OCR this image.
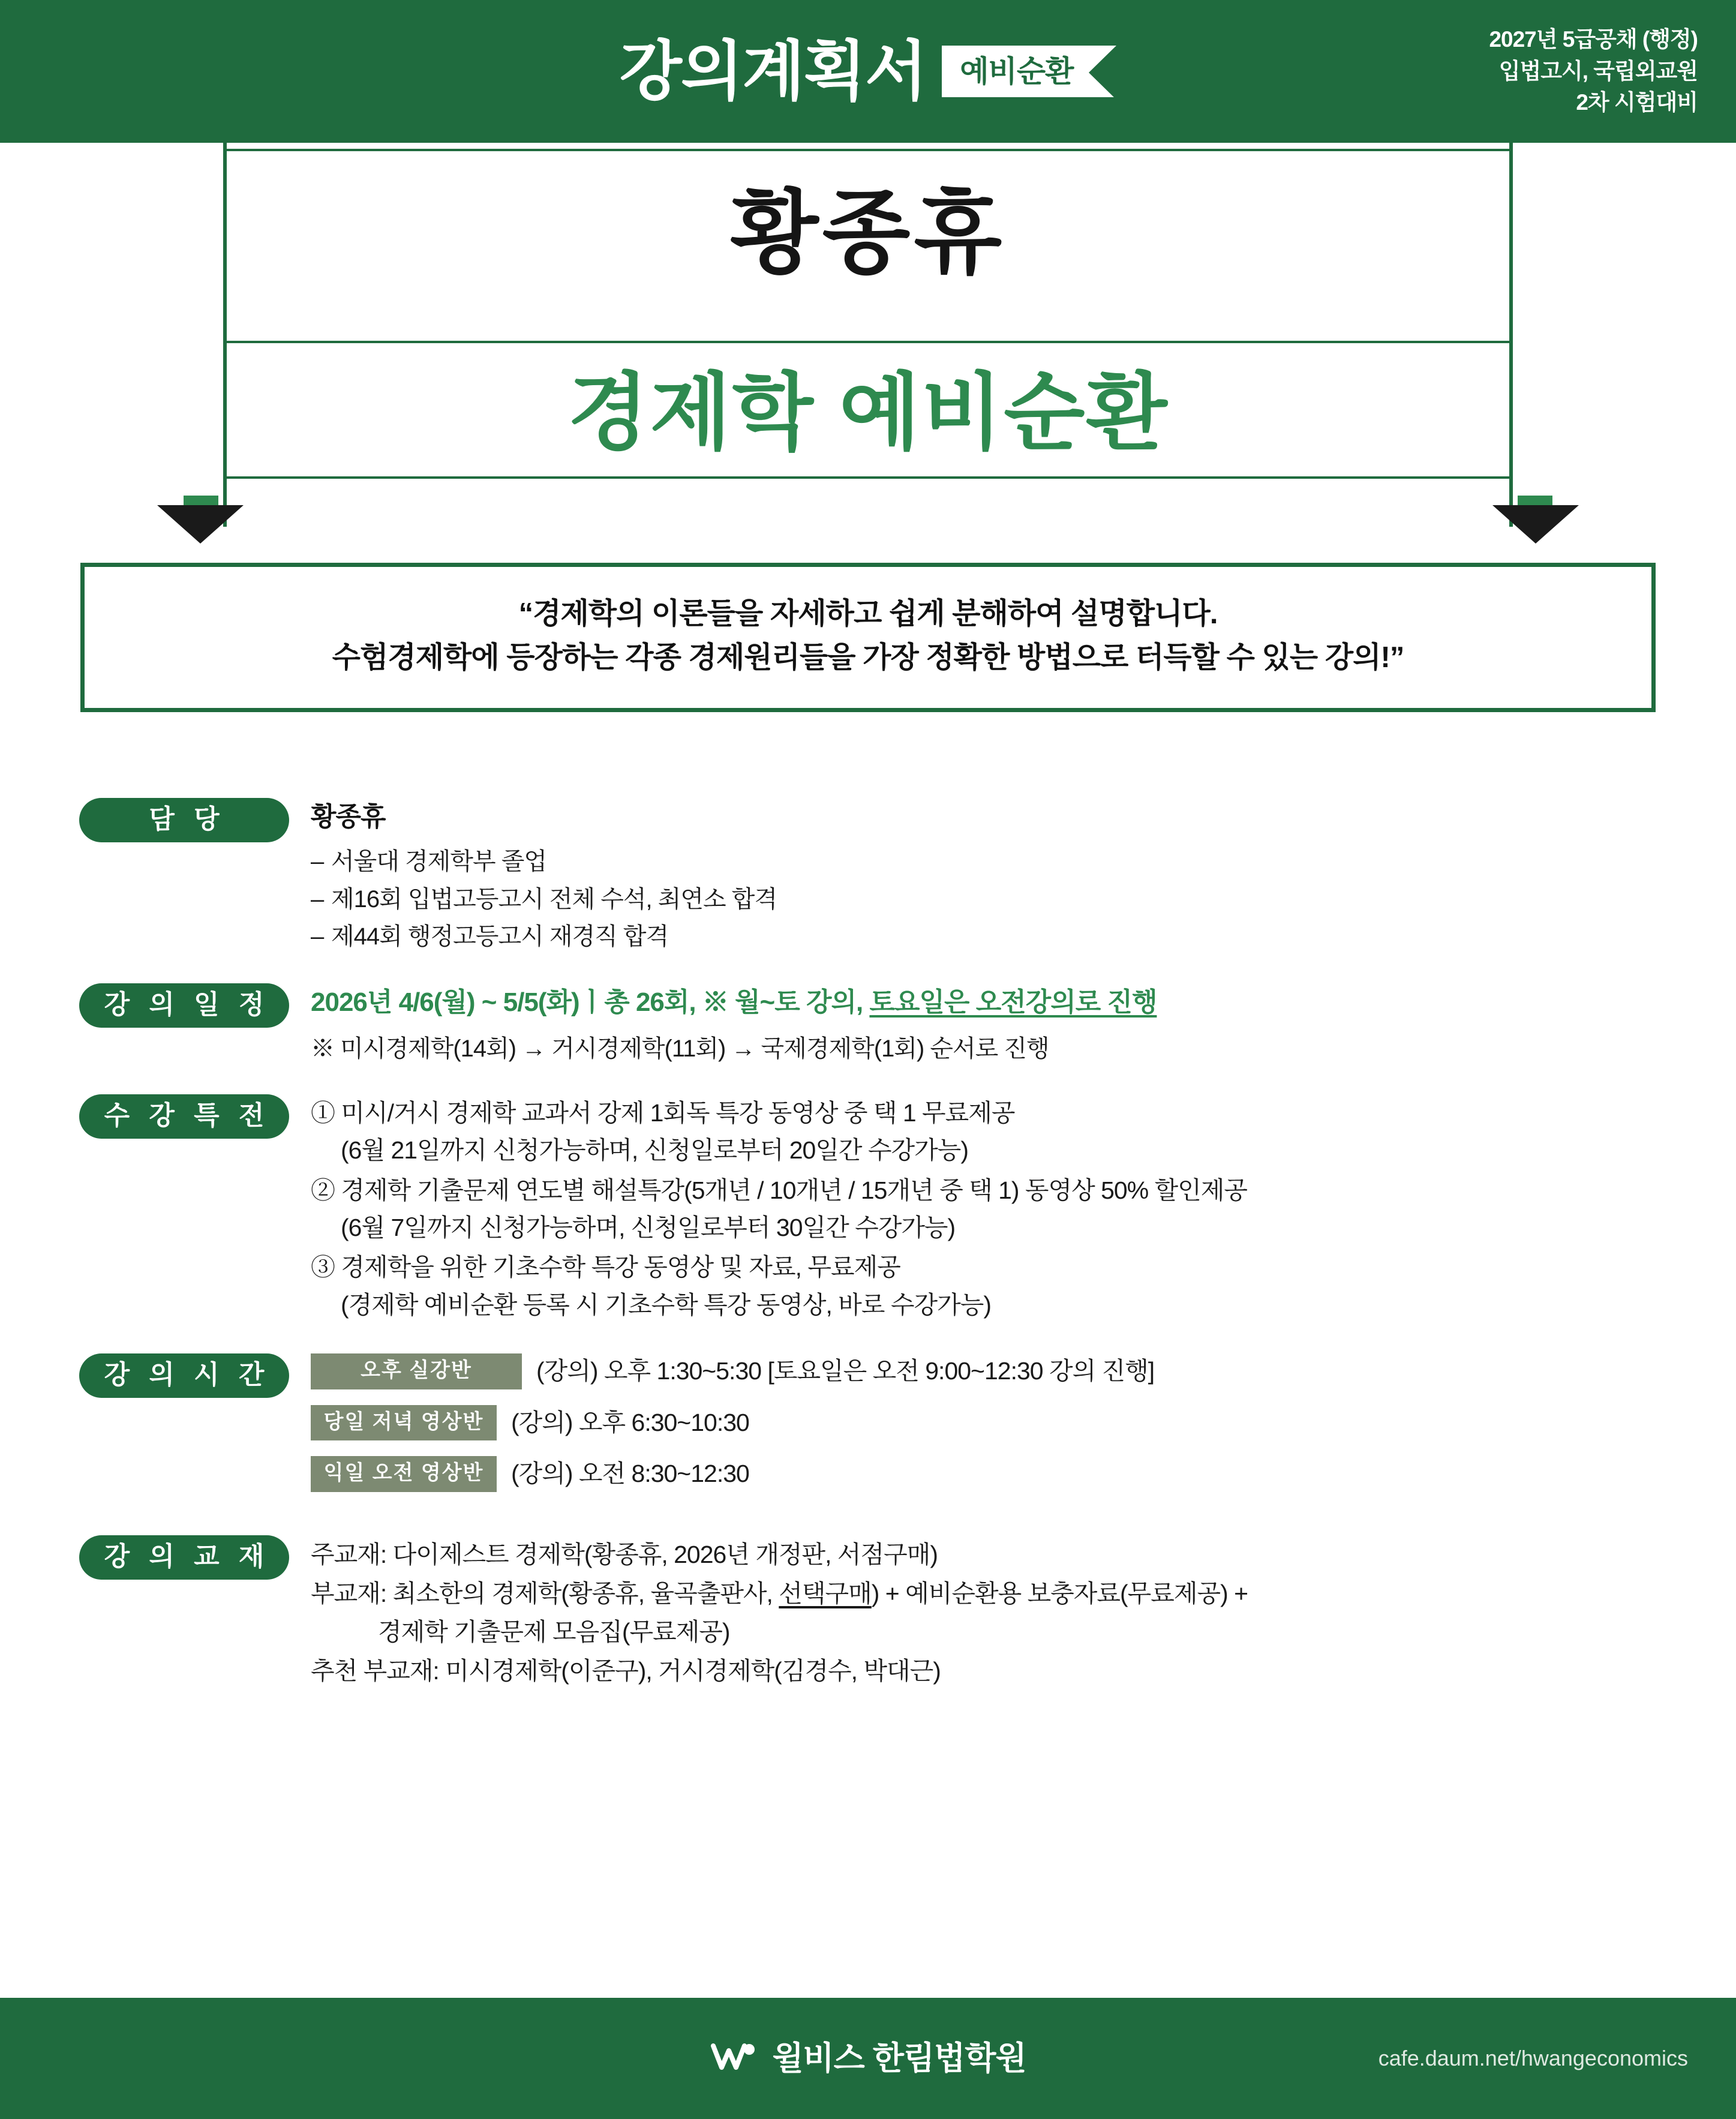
강의계획서	예비순환
2027년 5급공채 (행정)
입법고시, 국립외교원
2차 시험대비
황종휴
경제학 예비순환
“경제학의 이론들을 자세하고 쉽게 분해하여 설명합니다.
수험경제학에 등장하는 각종 경제원리들을 가장 정확한 방법으로 터득할 수 있는 강의!”
담 당	황종휴
– 서울대 경제학부 졸업
– 제16회 입법고등고시 전체 수석, 최연소 합격
– 제44회 행정고등고시 재경직 합격
강 의 일 정	2026년 4/6(월) ~ 5/5(화)ㅣ총 26회, ※ 월~토 강의, 토요일은 오전강의로 진행
※ 미시경제학(14회) → 거시경제학(11회) → 국제경제학(1회) 순서로 진행
수 강 특 전	① 미시/거시 경제학 교과서 강제 1회독 특강 동영상 중 택 1 무료제공
(6월 21일까지 신청가능하며, 신청일로부터 20일간 수강가능)
② 경제학 기출문제 연도별 해설특강(5개년 / 10개년 / 15개년 중 택 1) 동영상 50% 할인제공
(6월 7일까지 신청가능하며, 신청일로부터 30일간 수강가능)
③ 경제학을 위한 기초수학 특강 동영상 및 자료, 무료제공
(경제학 예비순환 등록 시 기초수학 특강 동영상, 바로 수강가능)
강 의 시 간	오후 실강반	(강의) 오후 1:30~5:30 [토요일은 오전 9:00~12:30 강의 진행]
당일 저녁 영상반	(강의) 오후 6:30~10:30
익일 오전 영상반	(강의) 오전 8:30~12:30
강 의 교 재	주교재: 다이제스트 경제학(황종휴, 2026년 개정판, 서점구매)
부교재: 최소한의 경제학(황종휴, 율곡출판사, 선택구매) + 예비순환용 보충자료(무료제공) +
경제학 기출문제 모음집(무료제공)
추천 부교재: 미시경제학(이준구), 거시경제학(김경수, 박대근)
윌비스 한림법학원	cafe.daum.net/hwangeconomics
